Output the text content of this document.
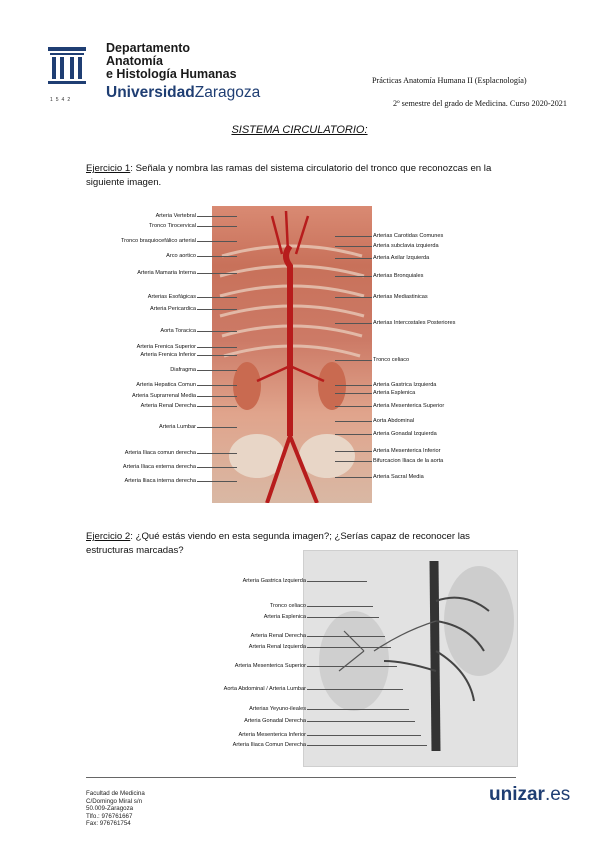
1542
Departamento
Anatomía
e Histología Humanas
UniversidadZaragoza
Prácticas Anatomía Humana II (Esplacnología)
2º semestre del grado de Medicina. Curso 2020-2021
SISTEMA CIRCULATORIO:
Ejercicio 1: Señala y nombra las ramas del sistema circulatorio del tronco que reconozcas en la siguiente imagen.
Arteria Vertebral
Tronco Tirocervical
Tronco braquiocefálico arterial
Arco aortico
Arteria Mamaria Interna
Arterias Esofágicas
Arteria Pericardica
Aorta Toracica
Arteria Frenica Superior
Arteria Frenica Inferior
Diafragma
Arteria Hepatica Comun
Arteria Suprarrenal Media
Arteria Renal Derecha
Arteria Lumbar
Arteria Iliaca comun derecha
Arteria Iliaca externa derecha
Arteria Iliaca interna derecha
Arterias Carotidas Comunes
Arteria subclavia izquierda
Arteria Axilar Izquierda
Arterias Bronquiales
Arterias Mediastinicas
Arterias Intercostales Posteriores
Tronco celiaco
Arteria Gastrica Izquierda
Arteria Esplenica
Arteria Mesenterica Superior
Aorta Abdominal
Arteria Gonadal Izquierda
Arteria Mesenterica Inferior
Bifurcacion Iliaca de la aorta
Arteria Sacral Media
Ejercicio 2: ¿Qué estás viendo en esta segunda imagen?; ¿Serías capaz de reconocer las estructuras marcadas?
Arteria Gastrica Izquierda
Tronco celiaco
Arteria Esplenica
Arteria Renal Derecha
Arteria Renal Izquierda
Arteria Mesenterica Superior
Aorta Abdominal / Arteria Lumbar
Arterias Yeyuno-ileales
Arteria Gonadal Derecha
Arteria Mesenterica Inferior
Arteria Iliaca Comun Derecha
Facultad de Medicina
C/Domingo Miral s/n
50.009-Zaragoza
Tlfo.: 976761667
Fax: 976761754
unizar.es
